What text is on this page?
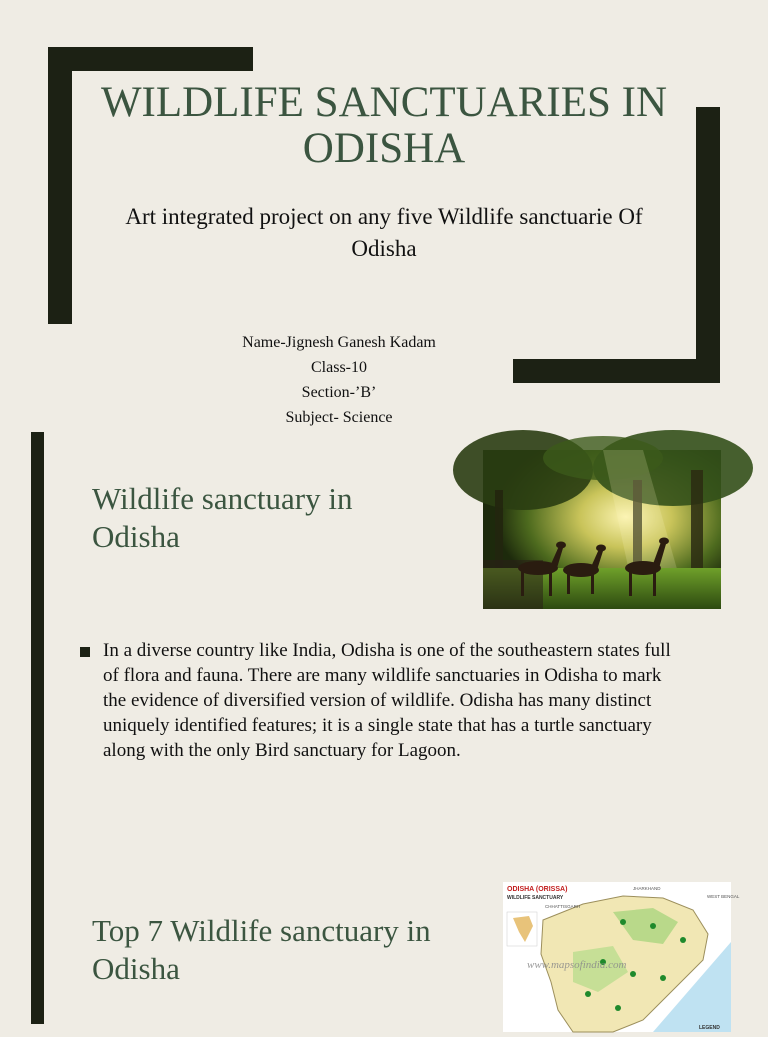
WILDLIFE SANCTUARIES IN ODISHA
Art integrated project on any five Wildlife sanctuarie Of Odisha
Name-Jignesh Ganesh Kadam
Class-10
Section-’B’
Subject- Science
Wildlife sanctuary in Odisha
In a diverse country like India, Odisha is one of the southeastern states full of flora and fauna. There are many wildlife sanctuaries in Odisha to mark the evidence of diversified version of wildlife. Odisha has many distinct uniquely identified features; it is a single state that has a turtle sanctuary along with the only Bird sanctuary for Lagoon.
Top 7 Wildlife sanctuary in Odisha
ODISHA (ORISSA)
WILDLIFE SANCTUARY
JHARKHAND
CHHATTISGARH
WEST BENGAL
www.mapsofindia.com
LEGEND
